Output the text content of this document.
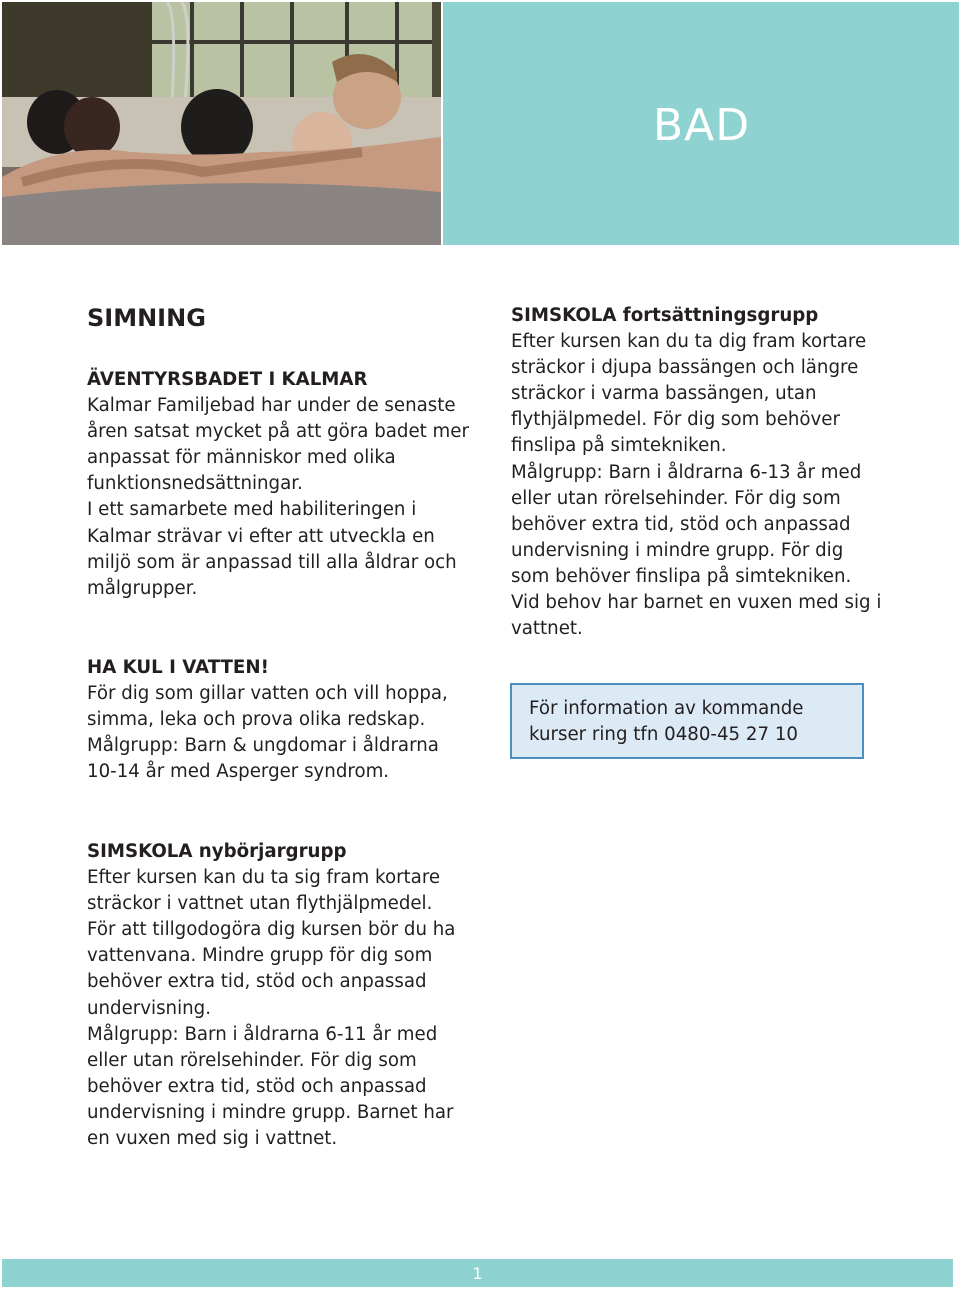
BAD
SIMNING
ÄVENTYRSBADET I KALMAR
Kalmar Familjebad har under de senaste
åren satsat mycket på att göra badet mer
anpassat för människor med olika
funktionsnedsättningar.
I ett samarbete med habiliteringen i
Kalmar strävar vi efter att utveckla en
miljö som är anpassad till alla åldrar och
målgrupper.
HA KUL I VATTEN!
För dig som gillar vatten och vill hoppa,
simma, leka och prova olika redskap.
Målgrupp: Barn & ungdomar i åldrarna
10-14 år med Asperger syndrom.
SIMSKOLA fortsättningsgrupp
Efter kursen kan du ta dig fram kortare
sträckor i djupa bassängen och längre
sträckor i varma bassängen, utan
flythjälpmedel. För dig som behöver
finslipa på simtekniken.
Målgrupp: Barn i åldrarna 6-13 år med
eller utan rörelsehinder. För dig som
behöver extra tid, stöd och anpassad
undervisning i mindre grupp. För dig
som behöver finslipa på simtekniken.
Vid behov har barnet en vuxen med sig i
vattnet.
För information av kommande
kurser ring tfn 0480-45 27 10
SIMSKOLA nybörjargrupp
Efter kursen kan du ta sig fram kortare
sträckor i vattnet utan flythjälpmedel.
För att tillgodogöra dig kursen bör du ha
vattenvana. Mindre grupp för dig som
behöver extra tid, stöd och anpassad
undervisning.
Målgrupp: Barn i åldrarna 6-11 år med
eller utan rörelsehinder. För dig som
behöver extra tid, stöd och anpassad
undervisning i mindre grupp. Barnet har
en vuxen med sig i vattnet.
1
